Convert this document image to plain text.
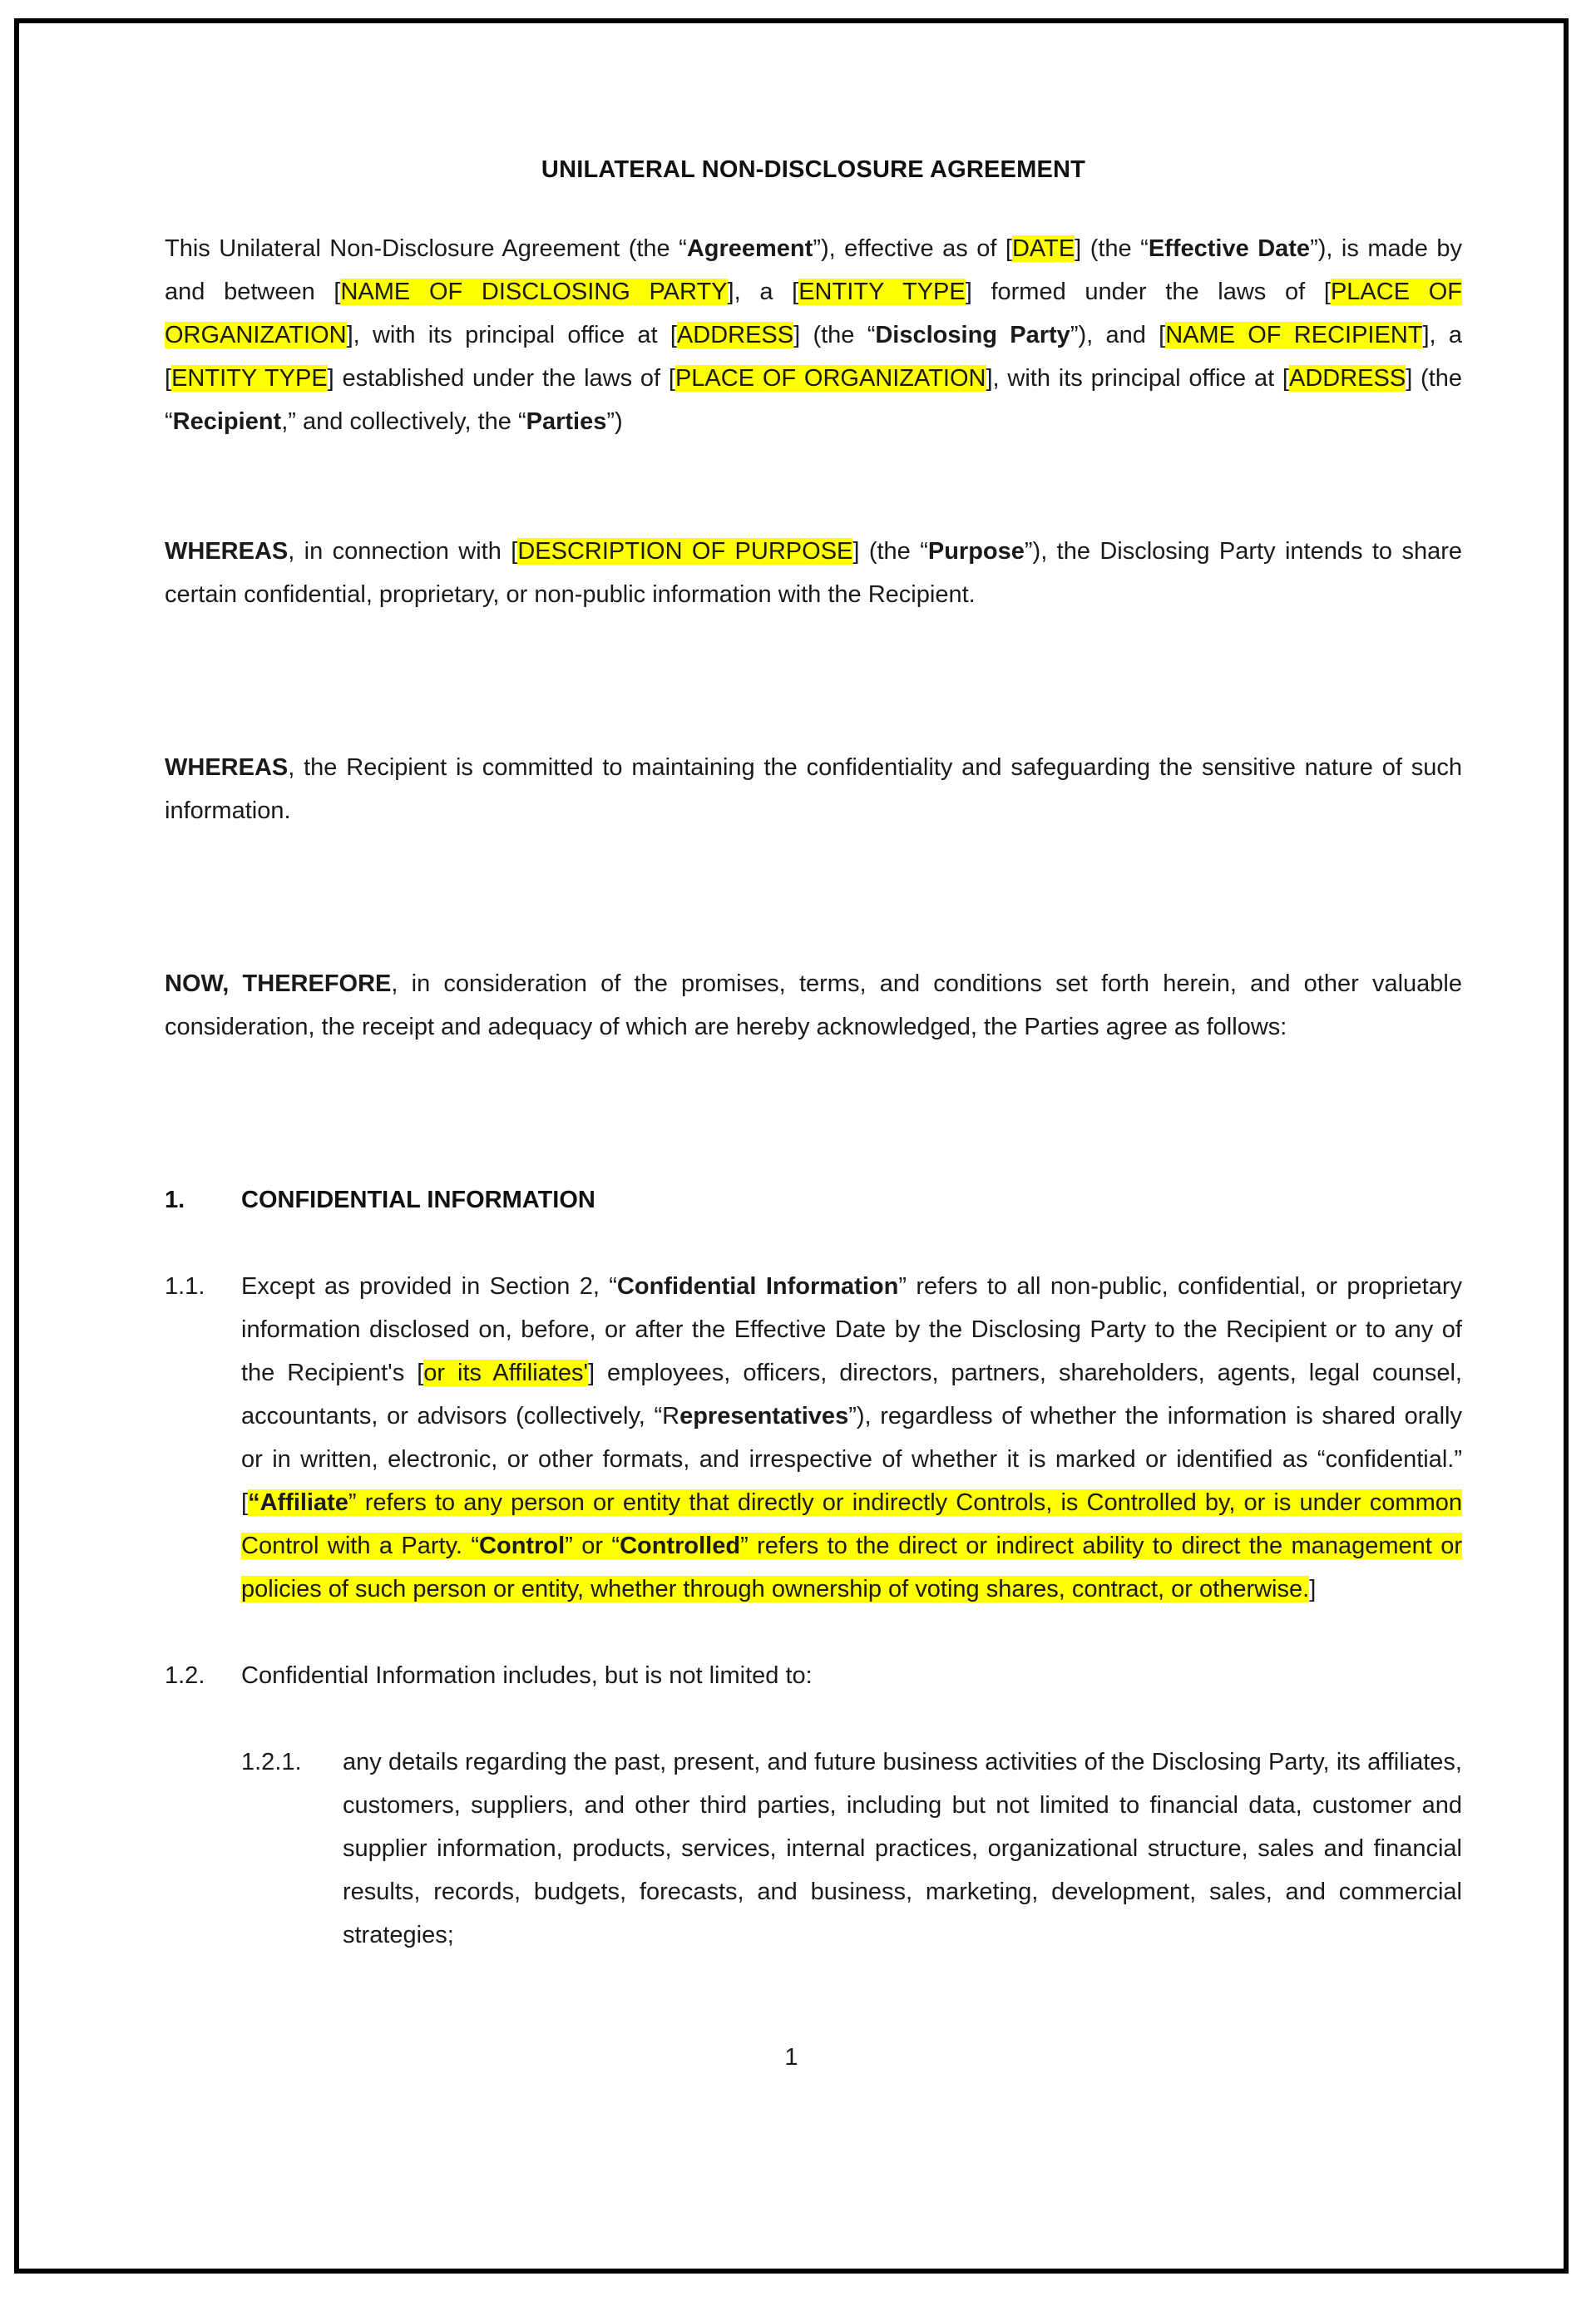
UNILATERAL NON-DISCLOSURE AGREEMENT

This Unilateral Non-Disclosure Agreement (the “Agreement”), effective as of [DATE] (the “Effective Date”), is made by and between [NAME OF DISCLOSING PARTY], a [ENTITY TYPE] formed under the laws of [PLACE OF ORGANIZATION], with its principal office at [ADDRESS] (the “Disclosing Party”), and [NAME OF RECIPIENT], a [ENTITY TYPE] established under the laws of [PLACE OF ORGANIZATION], with its principal office at [ADDRESS] (the “Recipient,” and collectively, the “Parties”)

WHEREAS, in connection with [DESCRIPTION OF PURPOSE] (the “Purpose”), the Disclosing Party intends to share certain confidential, proprietary, or non-public information with the Recipient.

WHEREAS, the Recipient is committed to maintaining the confidentiality and safeguarding the sensitive nature of such information.

NOW, THEREFORE, in consideration of the promises, terms, and conditions set forth herein, and other valuable consideration, the receipt and adequacy of which are hereby acknowledged, the Parties agree as follows:

1.	CONFIDENTIAL INFORMATION
1.1.	Except as provided in Section 2, “Confidential Information” refers to all non-public, confidential, or proprietary information disclosed on, before, or after the Effective Date by the Disclosing Party to the Recipient or to any of the Recipient's [or its Affiliates'] employees, officers, directors, partners, shareholders, agents, legal counsel, accountants, or advisors (collectively, “Representatives”), regardless of whether the information is shared orally or in written, electronic, or other formats, and irrespective of whether it is marked or identified as “confidential.” [“Affiliate” refers to any person or entity that directly or indirectly Controls, is Controlled by, or is under common Control with a Party. “Control” or “Controlled” refers to the direct or indirect ability to direct the management or policies of such person or entity, whether through ownership of voting shares, contract, or otherwise.]
1.2.	Confidential Information includes, but is not limited to:
1.2.1.	any details regarding the past, present, and future business activities of the Disclosing Party, its affiliates, customers, suppliers, and other third parties, including but not limited to financial data, customer and supplier information, products, services, internal practices, organizational structure, sales and financial results, records, budgets, forecasts, and business, marketing, development, sales, and commercial strategies;
1
